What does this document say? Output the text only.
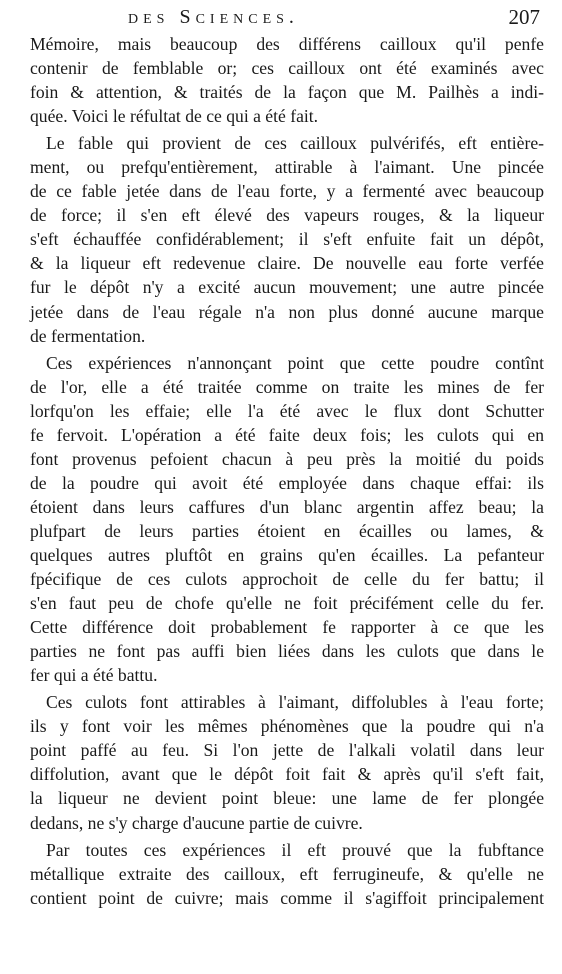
des Sciences.	207
Mémoire, mais beaucoup des différens cailloux qu'il penfe
contenir de femblable or; ces cailloux ont été examinés avec
foin & attention, & traités de la façon que M. Pailhès a indi-
quée. Voici le réfultat de ce qui a été fait.
Le fable qui provient de ces cailloux pulvérifés, eft entière-
ment, ou prefqu'entièrement, attirable à l'aimant. Une pincée
de ce fable jetée dans de l'eau forte, y a fermenté avec beaucoup
de force; il s'en eft élevé des vapeurs rouges, & la liqueur
s'eft échauffée confidérablement; il s'eft enfuite fait un dépôt,
& la liqueur eft redevenue claire. De nouvelle eau forte verfée
fur le dépôt n'y a excité aucun mouvement; une autre pincée
jetée dans de l'eau régale n'a non plus donné aucune marque
de fermentation.
Ces expériences n'annonçant point que cette poudre contînt
de l'or, elle a été traitée comme on traite les mines de fer
lorfqu'on les effaie; elle l'a été avec le flux dont Schutter
fe fervoit. L'opération a été faite deux fois; les culots qui en
font provenus pefoient chacun à peu près la moitié du poids
de la poudre qui avoit été employée dans chaque effai: ils
étoient dans leurs caffures d'un blanc argentin affez beau; la
plufpart de leurs parties étoient en écailles ou lames, &
quelques autres pluftôt en grains qu'en écailles. La pefanteur
fpécifique de ces culots approchoit de celle du fer battu; il
s'en faut peu de chofe qu'elle ne foit précifément celle du fer.
Cette différence doit probablement fe rapporter à ce que les
parties ne font pas auffi bien liées dans les culots que dans le
fer qui a été battu.
Ces culots font attirables à l'aimant, diffolubles à l'eau forte;
ils y font voir les mêmes phénomènes que la poudre qui n'a
point paffé au feu. Si l'on jette de l'alkali volatil dans leur
diffolution, avant que le dépôt foit fait & après qu'il s'eft fait,
la liqueur ne devient point bleue: une lame de fer plongée
dedans, ne s'y charge d'aucune partie de cuivre.
Par toutes ces expériences il eft prouvé que la fubftance
métallique extraite des cailloux, eft ferrugineufe, & qu'elle ne
contient point de cuivre; mais comme il s'agiffoit principalement
